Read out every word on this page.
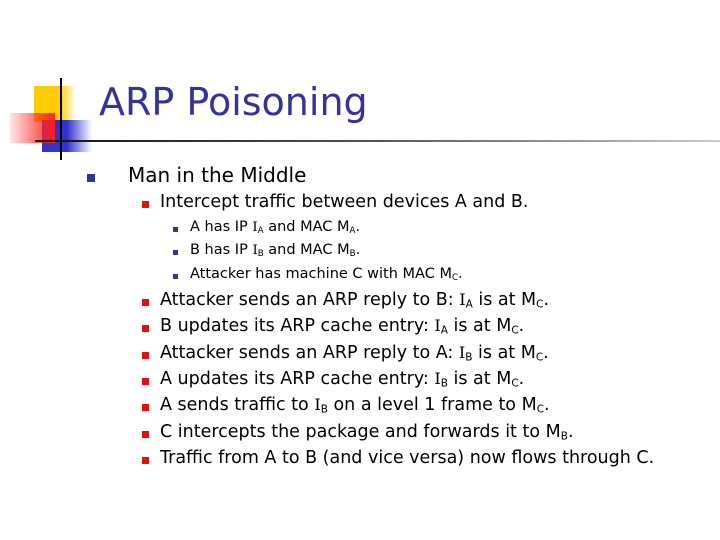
ARP Poisoning
Man in the Middle
Intercept traffic between devices A and B.
A has IP $I_A$ and MAC $M_A$.
B has IP $I_B$ and MAC $M_B$.
Attacker has machine C with MAC $M_C$.
Attacker sends an ARP reply to B: $I_A$ is at $M_C$.
B updates its ARP cache entry: $I_A$ is at $M_C$.
Attacker sends an ARP reply to A: $I_B$ is at $M_C$.
A updates its ARP cache entry: $I_B$ is at $M_C$.
A sends traffic to $I_B$ on a level 1 frame to $M_C$.
C intercepts the package and forwards it to $M_B$.
Traffic from A to B (and vice versa) now flows through C.
